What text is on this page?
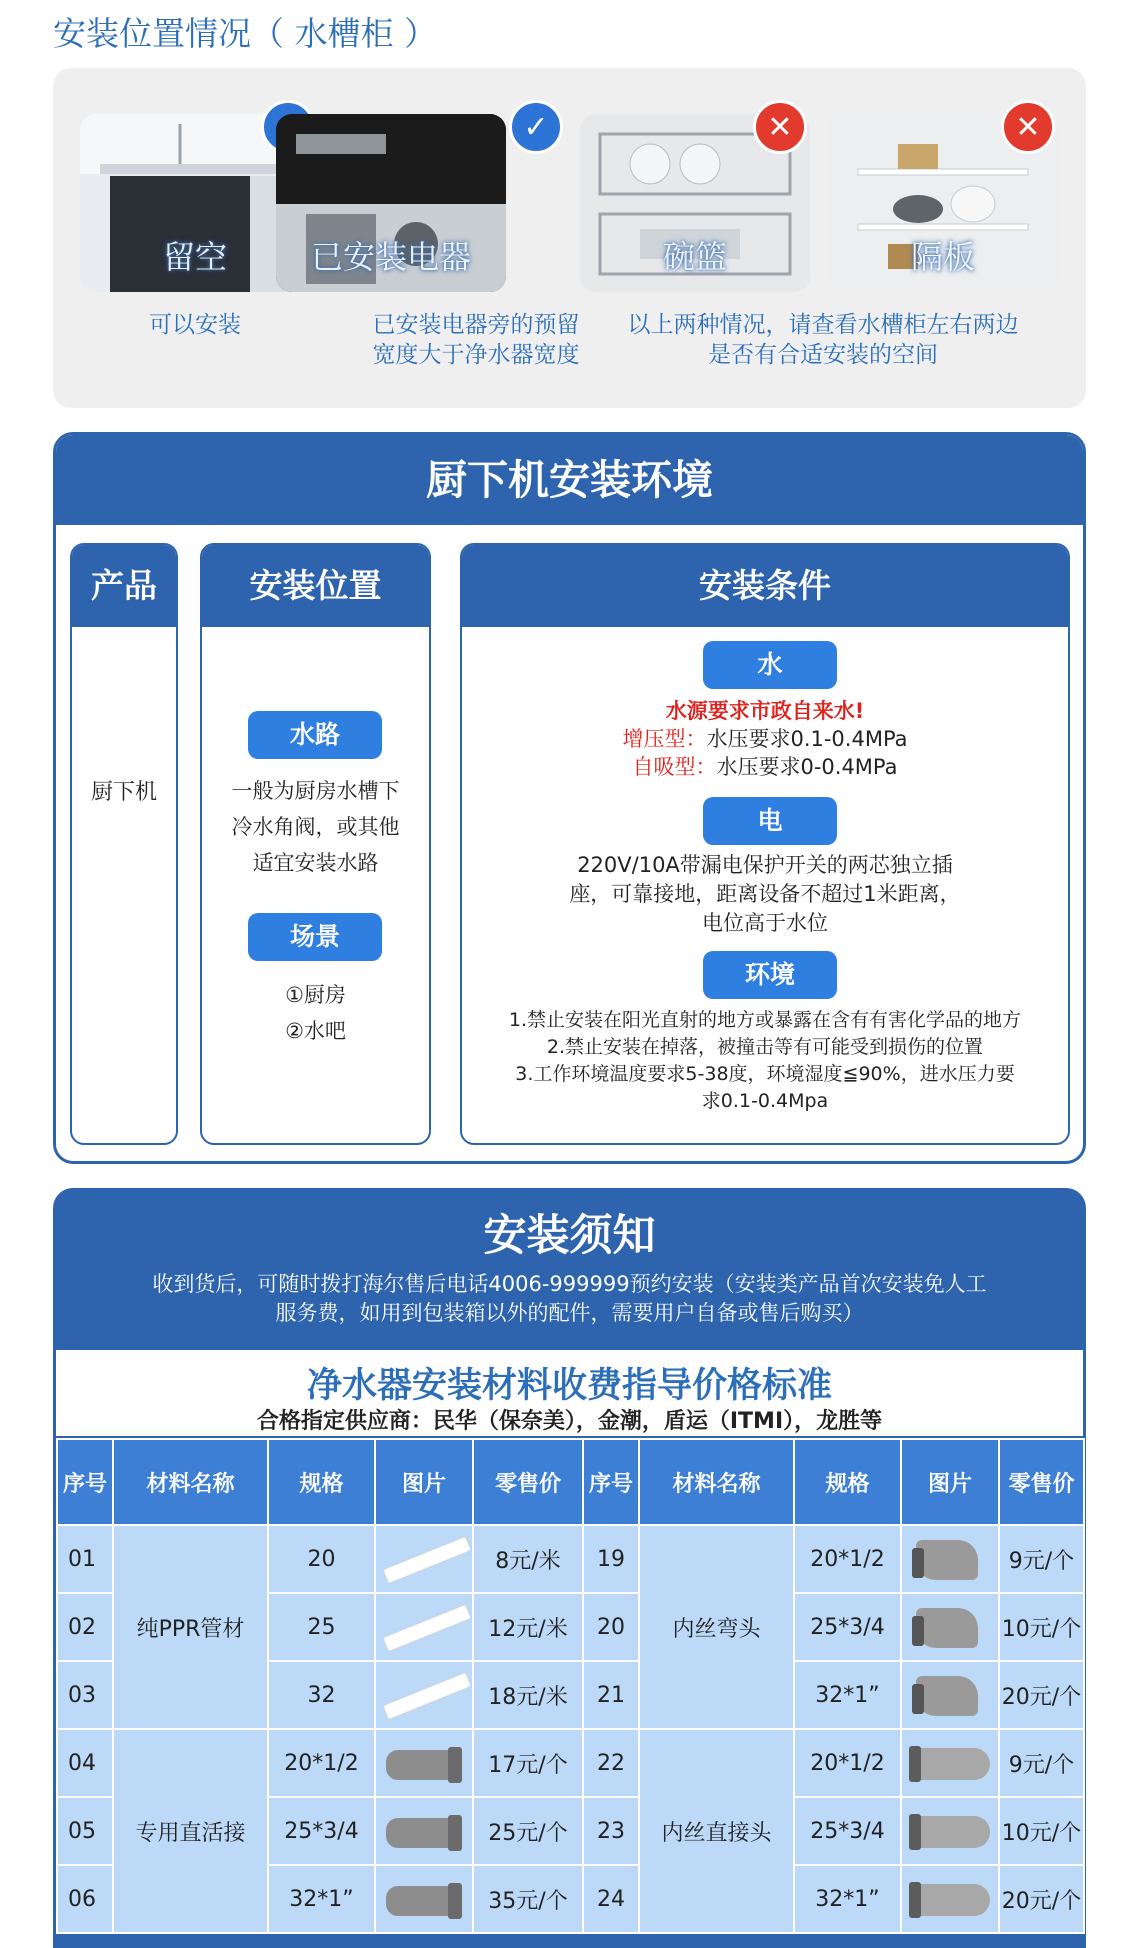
安装位置情况（ 水槽柜 ）
留空	已安装电器
✓
碗篮
✕
隔板
✕
可以安装	已安装电器旁的预留
宽度大于净水器宽度
以上两种情况，请查看水槽柜左右两边
是否有合适安装的空间
厨下机安装环境
产品
厨下机
安装位置
水路
一般为厨房水槽下
冷水角阀，或其他
适宜安装水路
场景
①厨房
②水吧
安装条件
水
水源要求市政自来水!
增压型：水压要求0.1-0.4MPa
自吸型：水压要求0-0.4MPa
电
220V/10A带漏电保护开关的两芯独立插
座，可靠接地，距离设备不超过1米距离，
电位高于水位
环境
1.禁止安装在阳光直射的地方或暴露在含有有害化学品的地方
2.禁止安装在掉落，被撞击等有可能受到损伤的位置
3.工作环境温度要求5-38度，环境湿度≦90%，进水压力要
求0.1-0.4Mpa
安装须知
收到货后，可随时拨打海尔售后电话4006-999999预约安装（安装类产品首次安装免人工
服务费，如用到包装箱以外的配件，需要用户自备或售后购买）
净水器安装材料收费指导价格标准
合格指定供应商：民华（保奈美），金潮，盾运（ITMI），龙胜等
序号	材料名称	规格	图片	零售价	序号	材料名称	规格	图片	零售价
01	纯PPR管材	20		8元/米	19	内丝弯头	20*1/2		9元/个
02		25		12元/米	20		25*3/4		10元/个
03		32		18元/米	21		32*1”		20元/个
04	专用直活接	20*1/2		17元/个	22	内丝直接头	20*1/2		9元/个
05		25*3/4		25元/个	23		25*3/4		10元/个
06		32*1”		35元/个	24		32*1”		20元/个
